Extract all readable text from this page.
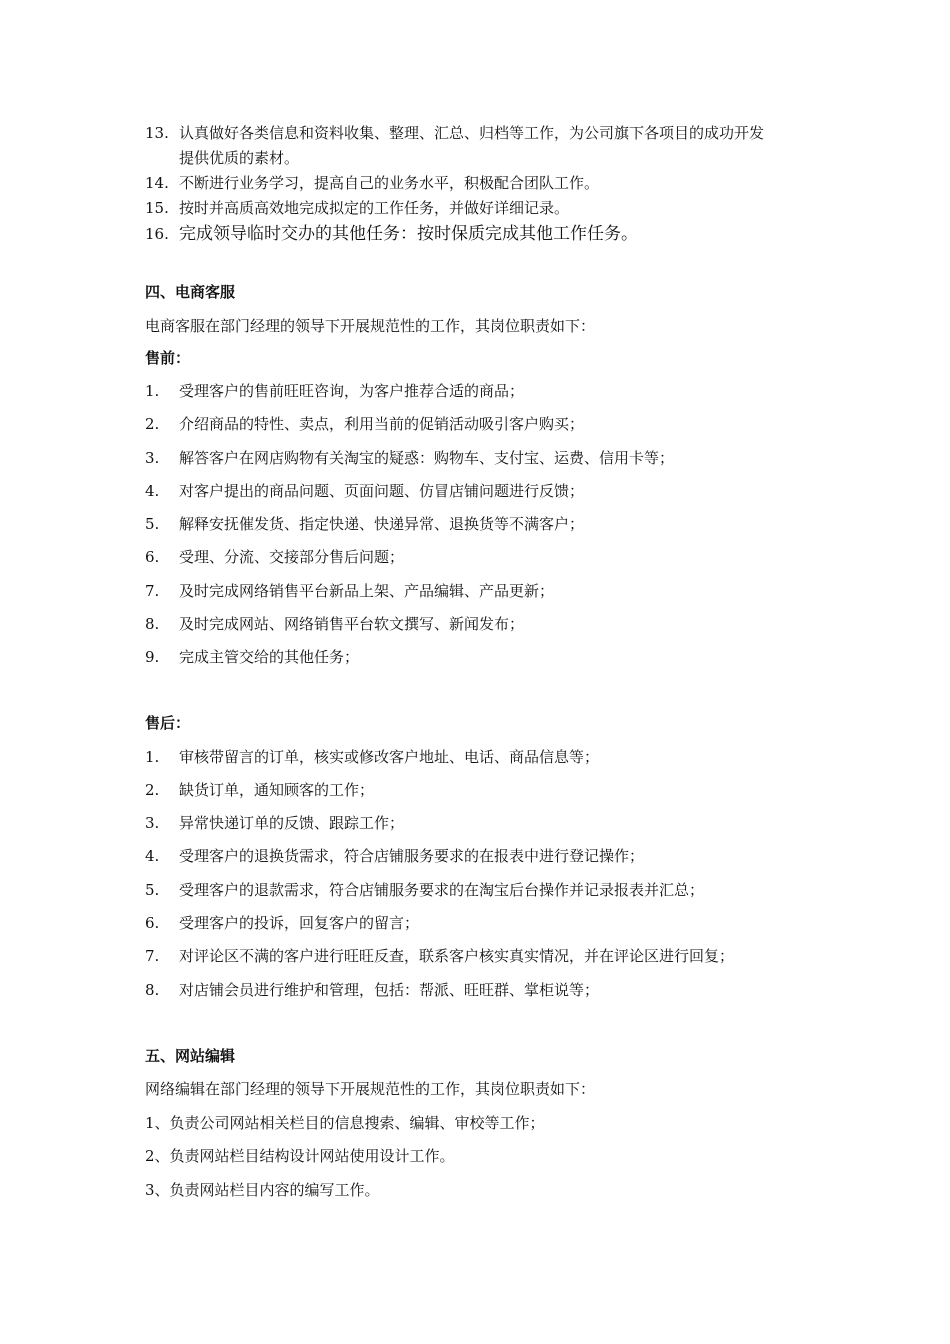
13. 认真做好各类信息和资料收集、整理、汇总、归档等工作，为公司旗下各项目的成功开发
提供优质的素材。
14. 不断进行业务学习，提高自己的业务水平，积极配合团队工作。
15. 按时并高质高效地完成拟定的工作任务，并做好详细记录。
16. 完成领导临时交办的其他任务：按时保质完成其他工作任务。
四、电商客服
电商客服在部门经理的领导下开展规范性的工作，其岗位职责如下：
售前：
1. 受理客户的售前旺旺咨询，为客户推荐合适的商品；
2. 介绍商品的特性、卖点，利用当前的促销活动吸引客户购买；
3. 解答客户在网店购物有关淘宝的疑惑：购物车、支付宝、运费、信用卡等；
4. 对客户提出的商品问题、页面问题、仿冒店铺问题进行反馈；
5. 解释安抚催发货、指定快递、快递异常、退换货等不满客户；
6. 受理、分流、交接部分售后问题；
7. 及时完成网络销售平台新品上架、产品编辑、产品更新；
8. 及时完成网站、网络销售平台软文撰写、新闻发布；
9. 完成主管交给的其他任务；
售后：
1. 审核带留言的订单，核实或修改客户地址、电话、商品信息等；
2. 缺货订单，通知顾客的工作；
3. 异常快递订单的反馈、跟踪工作；
4. 受理客户的退换货需求，符合店铺服务要求的在报表中进行登记操作；
5. 受理客户的退款需求，符合店铺服务要求的在淘宝后台操作并记录报表并汇总；
6. 受理客户的投诉，回复客户的留言；
7. 对评论区不满的客户进行旺旺反查，联系客户核实真实情况，并在评论区进行回复；
8. 对店铺会员进行维护和管理，包括：帮派、旺旺群、掌柜说等；
五、网站编辑
网络编辑在部门经理的领导下开展规范性的工作，其岗位职责如下：
1、负责公司网站相关栏目的信息搜索、编辑、审校等工作；
2、负责网站栏目结构设计网站使用设计工作。
3、负责网站栏目内容的编写工作。
